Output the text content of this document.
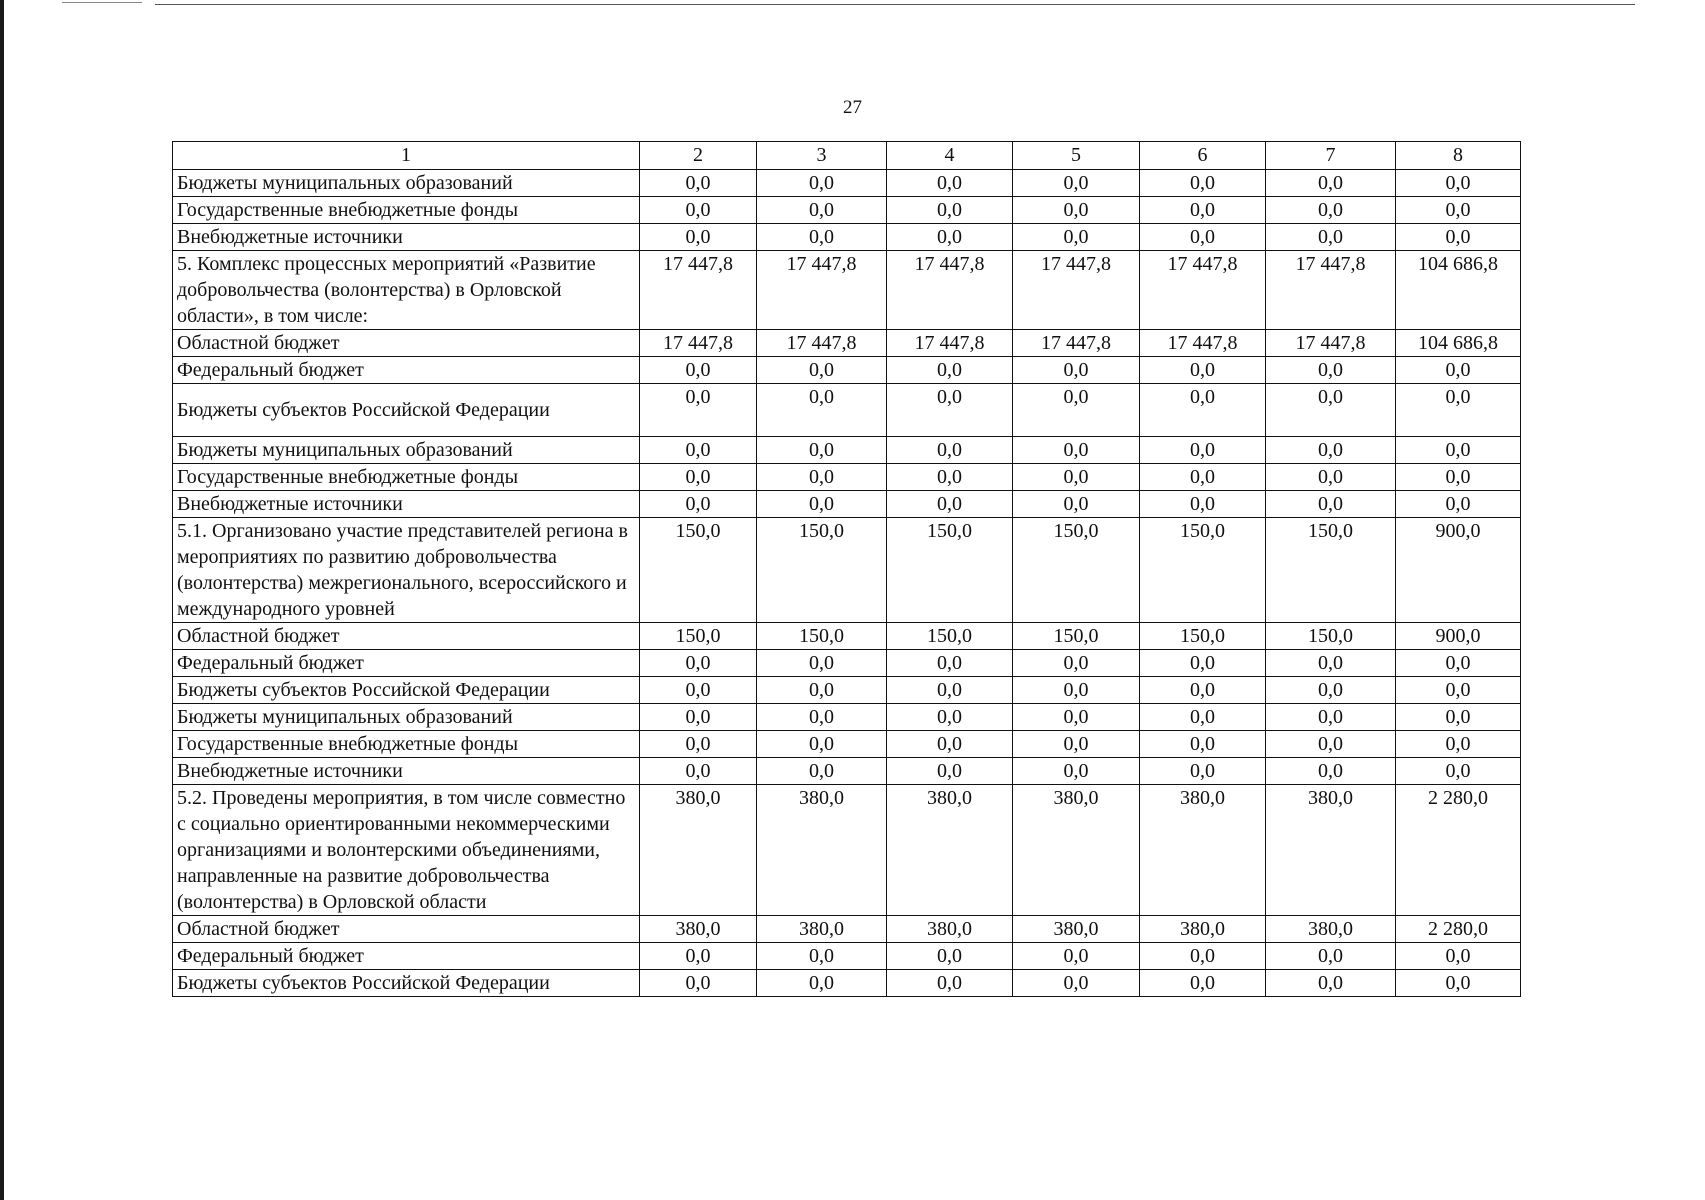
27
1	2	3	4	5	6	7	8
Бюджеты муниципальных образований	0,0	0,0	0,0	0,0	0,0	0,0	0,0
Государственные внебюджетные фонды	0,0	0,0	0,0	0,0	0,0	0,0	0,0
Внебюджетные источники	0,0	0,0	0,0	0,0	0,0	0,0	0,0
5. Комплекс процессных мероприятий «Развитие добровольчества (волонтерства) в Орловской области», в том числе:	17 447,8	17 447,8	17 447,8	17 447,8	17 447,8	17 447,8	104 686,8
Областной бюджет	17 447,8	17 447,8	17 447,8	17 447,8	17 447,8	17 447,8	104 686,8
Федеральный бюджет	0,0	0,0	0,0	0,0	0,0	0,0	0,0
Бюджеты субъектов Российской Федерации	0,0	0,0	0,0	0,0	0,0	0,0	0,0
Бюджеты муниципальных образований	0,0	0,0	0,0	0,0	0,0	0,0	0,0
Государственные внебюджетные фонды	0,0	0,0	0,0	0,0	0,0	0,0	0,0
Внебюджетные источники	0,0	0,0	0,0	0,0	0,0	0,0	0,0
5.1. Организовано участие представителей региона в мероприятиях по развитию добровольчества (волонтерства) межрегионального, всероссийского и международного уровней	150,0	150,0	150,0	150,0	150,0	150,0	900,0
Областной бюджет	150,0	150,0	150,0	150,0	150,0	150,0	900,0
Федеральный бюджет	0,0	0,0	0,0	0,0	0,0	0,0	0,0
Бюджеты субъектов Российской Федерации	0,0	0,0	0,0	0,0	0,0	0,0	0,0
Бюджеты муниципальных образований	0,0	0,0	0,0	0,0	0,0	0,0	0,0
Государственные внебюджетные фонды	0,0	0,0	0,0	0,0	0,0	0,0	0,0
Внебюджетные источники	0,0	0,0	0,0	0,0	0,0	0,0	0,0
5.2. Проведены мероприятия, в том числе совместно с социально ориентированными некоммерческими организациями и волонтерскими объединениями, направленные на развитие добровольчества (волонтерства) в Орловской области	380,0	380,0	380,0	380,0	380,0	380,0	2 280,0
Областной бюджет	380,0	380,0	380,0	380,0	380,0	380,0	2 280,0
Федеральный бюджет	0,0	0,0	0,0	0,0	0,0	0,0	0,0
Бюджеты субъектов Российской Федерации	0,0	0,0	0,0	0,0	0,0	0,0	0,0
